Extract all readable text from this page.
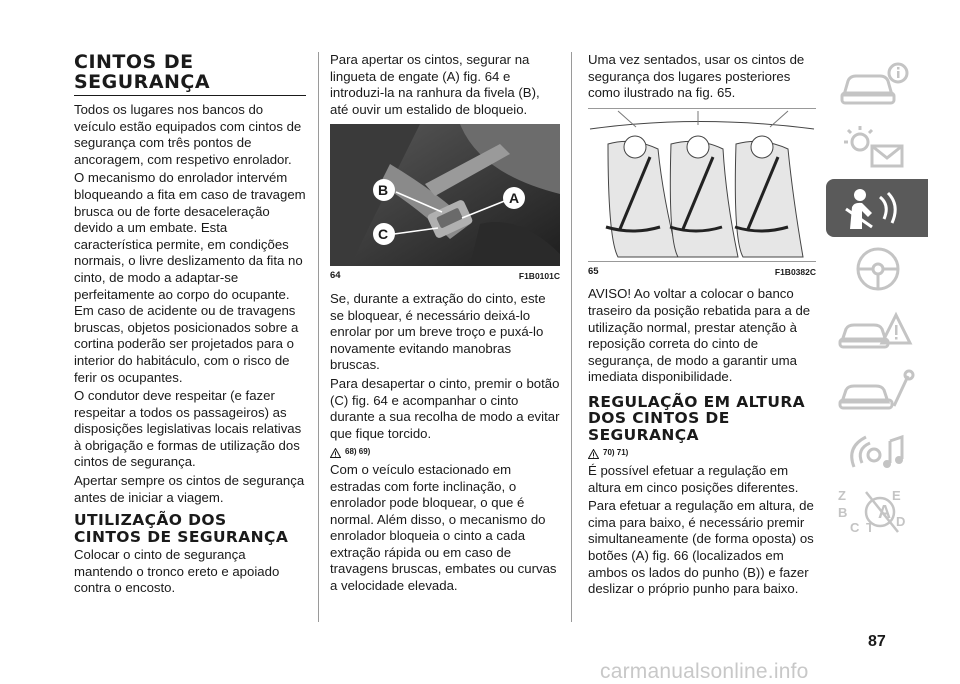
CINTOS DE
SEGURANÇA

Todos os lugares nos bancos do veículo estão equipados com cintos de segurança com três pontos de ancoragem, com respetivo enrolador.

O mecanismo do enrolador intervém bloqueando a fita em caso de travagem brusca ou de forte desaceleração devido a um embate. Esta característica permite, em condições normais, o livre deslizamento da fita no cinto, de modo a adaptar-se perfeitamente ao corpo do ocupante. Em caso de acidente ou de travagens bruscas, objetos posicionados sobre a cortina poderão ser projetados para o interior do habitáculo, com o risco de ferir os ocupantes.

O condutor deve respeitar (e fazer respeitar a todos os passageiros) as disposições legislativas locais relativas à obrigação e formas de utilização dos cintos de segurança.

Apertar sempre os cintos de segurança antes de iniciar a viagem.

UTILIZAÇÃO DOS
CINTOS DE SEGURANÇA

Colocar o cinto de segurança mantendo o tronco ereto e apoiado contra o encosto.

Para apertar os cintos, segurar na lingueta de engate (A) fig. 64 e introduzi-la na ranhura da fivela (B), até ouvir um estalido de bloqueio.

B	A
C
64	F1B0101C

Se, durante a extração do cinto, este se bloquear, é necessário deixá-lo enrolar por um breve troço e puxá-lo novamente evitando manobras bruscas.

Para desapertar o cinto, premir o botão (C) fig. 64 e acompanhar o cinto durante a sua recolha de modo a evitar que fique torcido.

68) 69)

Com o veículo estacionado em estradas com forte inclinação, o enrolador pode bloquear, o que é normal. Além disso, o mecanismo do enrolador bloqueia o cinto a cada extração rápida ou em caso de travagens bruscas, embates ou curvas a velocidade elevada.

Uma vez sentados, usar os cintos de segurança dos lugares posteriores como ilustrado na fig. 65.

65	F1B0382C

AVISO! Ao voltar a colocar o banco traseiro da posição rebatida para a de utilização normal, prestar atenção à reposição correta do cinto de segurança, de modo a garantir uma imediata disponibilidade.

REGULAÇÃO EM ALTURA
DOS CINTOS DE
SEGURANÇA
70) 71)

É possível efetuar a regulação em altura em cinco posições diferentes.

Para efetuar a regulação em altura, de cima para baixo, é necessário premir simultaneamente (de forma oposta) os botões (A) fig. 66 (localizados em ambos os lados do punho (B)) e fazer deslizar o próprio punho para baixo.

Z	E
B A
C T D
87
carmanualsonline.info
